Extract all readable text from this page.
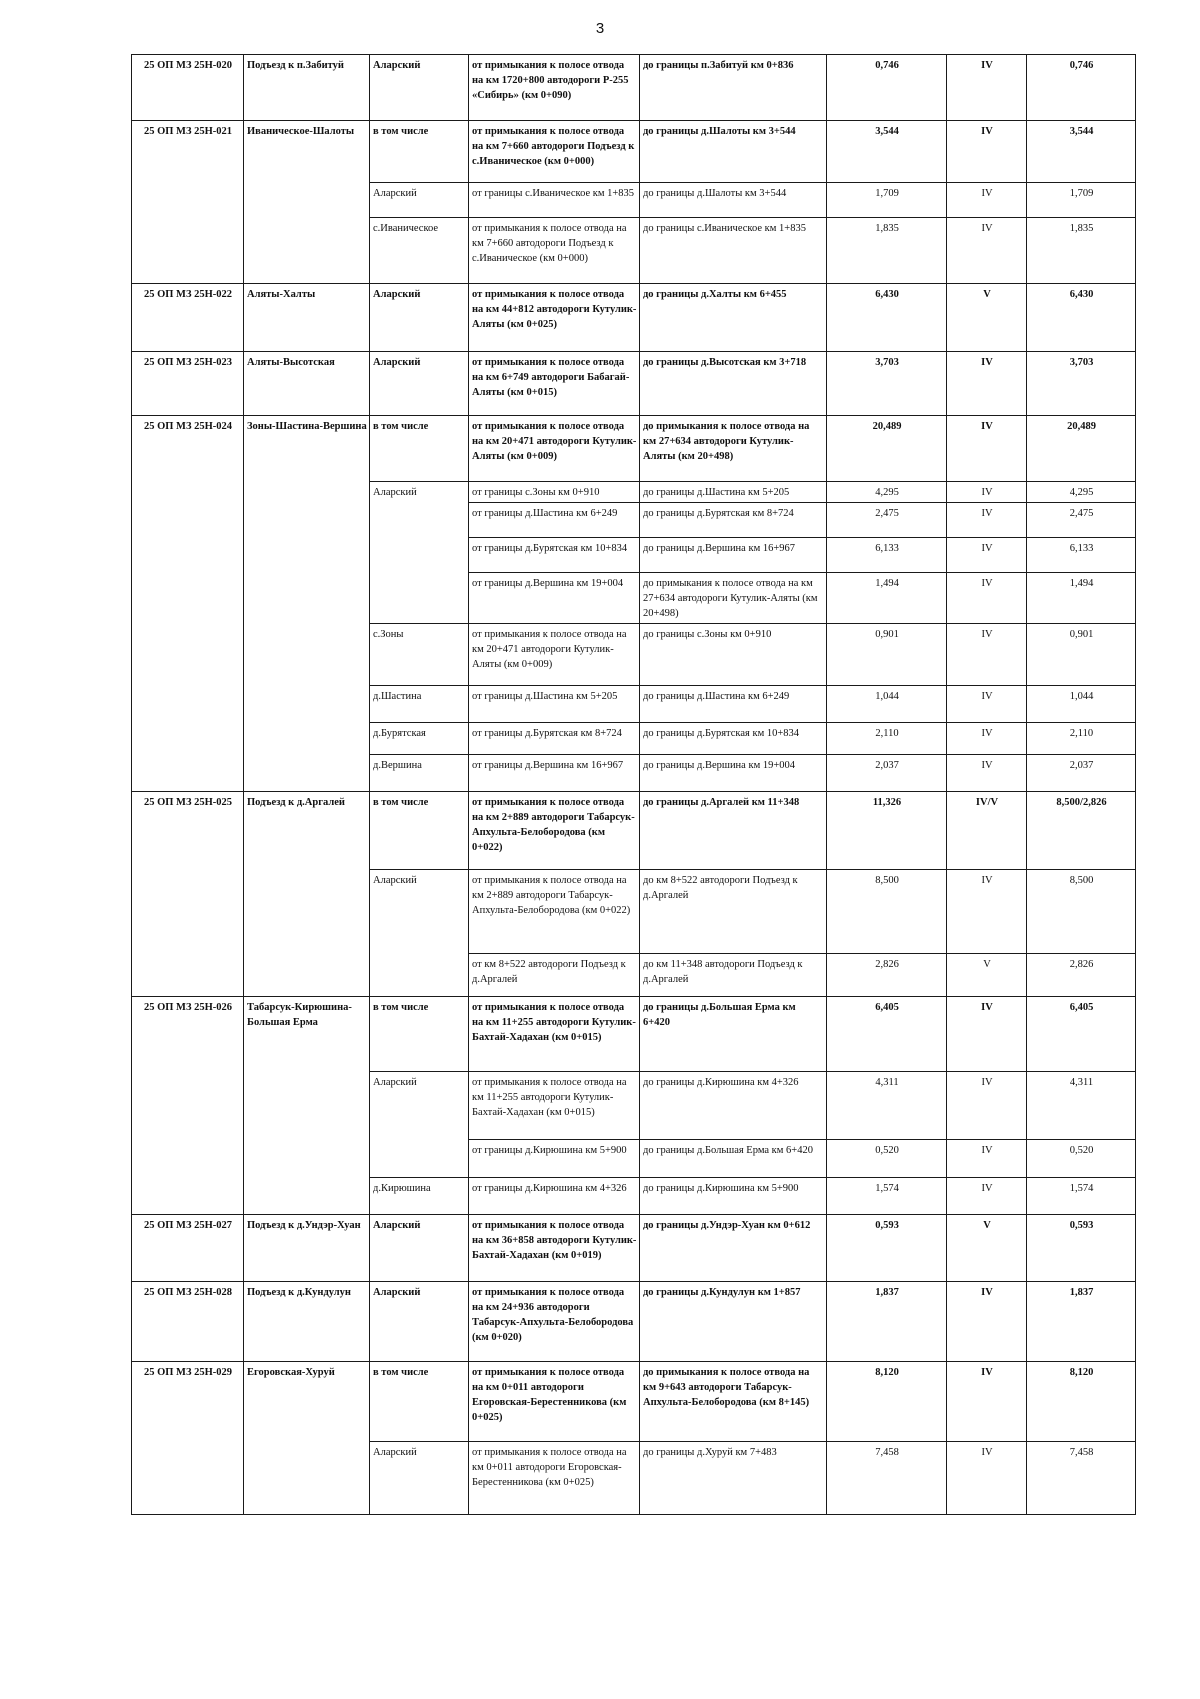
3
25 ОП МЗ 25Н-020	Подъезд к п.Забитуй	Аларский	от примыкания к полосе отвода на км 1720+800 автодороги Р-255 «Сибирь» (км 0+090)	до границы п.Забитуй км 0+836	0,746	IV	0,746
25 ОП МЗ 25Н-021	Иваническое-Шалоты	в том числе	от примыкания к полосе отвода на км 7+660 автодороги Подъезд к с.Иваническое (км 0+000)	до границы д.Шалоты км 3+544	3,544	IV	3,544
		Аларский	от границы с.Иваническое км 1+835	до границы д.Шалоты км 3+544	1,709	IV	1,709
		с.Иваническое	от примыкания к полосе отвода на км 7+660 автодороги Подъезд к с.Иваническое (км 0+000)	до границы с.Иваническое км 1+835	1,835	IV	1,835
25 ОП МЗ 25Н-022	Аляты-Халты	Аларский	от примыкания к полосе отвода на км 44+812 автодороги Кутулик-Аляты (км 0+025)	до границы д.Халты км 6+455	6,430	V	6,430
25 ОП МЗ 25Н-023	Аляты-Высотская	Аларский	от примыкания к полосе отвода на км 6+749 автодороги Бабагай-Аляты (км 0+015)	до границы д.Высотская км 3+718	3,703	IV	3,703
25 ОП МЗ 25Н-024	Зоны-Шастина-Вершина	в том числе	от примыкания к полосе отвода на км 20+471 автодороги Кутулик-Аляты (км 0+009)	до примыкания к полосе отвода на км 27+634 автодороги Кутулик-Аляты (км 20+498)	20,489	IV	20,489
		Аларский	от границы с.Зоны км 0+910	до границы д.Шастина км 5+205	4,295	IV	4,295
			от границы д.Шастина км 6+249	до границы д.Бурятская км 8+724	2,475	IV	2,475
			от границы д.Бурятская км 10+834	до границы д.Вершина км 16+967	6,133	IV	6,133
			от границы д.Вершина км 19+004	до примыкания к полосе отвода на км 27+634 автодороги Кутулик-Аляты (км 20+498)	1,494	IV	1,494
		с.Зоны	от примыкания к полосе отвода на км 20+471 автодороги Кутулик-Аляты (км 0+009)	до границы с.Зоны км 0+910	0,901	IV	0,901
		д.Шастина	от границы д.Шастина км 5+205	до границы д.Шастина км 6+249	1,044	IV	1,044
		д.Бурятская	от границы д.Бурятская км 8+724	до границы д.Бурятская км 10+834	2,110	IV	2,110
		д.Вершина	от границы д.Вершина км 16+967	до границы д.Вершина км 19+004	2,037	IV	2,037
25 ОП МЗ 25Н-025	Подъезд к д.Аргалей	в том числе	от примыкания к полосе отвода на км 2+889 автодороги Табарсук-Апхульта-Белобородова (км 0+022)	до границы д.Аргалей км 11+348	11,326	IV/V	8,500/2,826
		Аларский	от примыкания к полосе отвода на км 2+889 автодороги Табарсук-Апхульта-Белобородова (км 0+022)	до км 8+522 автодороги Подъезд к д.Аргалей	8,500	IV	8,500
			от км 8+522 автодороги Подъезд к д.Аргалей	до км 11+348 автодороги Подъезд к д.Аргалей	2,826	V	2,826
25 ОП МЗ 25Н-026	Табарсук-Кирюшина-Большая Ерма	в том числе	от примыкания к полосе отвода на км 11+255 автодороги Кутулик-Бахтай-Хадахан (км 0+015)	до границы д.Большая Ерма км 6+420	6,405	IV	6,405
		Аларский	от примыкания к полосе отвода на км 11+255 автодороги Кутулик-Бахтай-Хадахан (км 0+015)	до границы д.Кирюшина км 4+326	4,311	IV	4,311
			от границы д.Кирюшина км 5+900	до границы д.Большая Ерма км 6+420	0,520	IV	0,520
		д.Кирюшина	от границы д.Кирюшина км 4+326	до границы д.Кирюшина км 5+900	1,574	IV	1,574
25 ОП МЗ 25Н-027	Подъезд к д.Ундэр-Хуан	Аларский	от примыкания к полосе отвода на км 36+858 автодороги Кутулик-Бахтай-Хадахан (км 0+019)	до границы д.Ундэр-Хуан км 0+612	0,593	V	0,593
25 ОП МЗ 25Н-028	Подъезд к д.Кундулун	Аларский	от примыкания к полосе отвода на км 24+936 автодороги Табарсук-Апхульта-Белобородова (км 0+020)	до границы д.Кундулун км 1+857	1,837	IV	1,837
25 ОП МЗ 25Н-029	Егоровская-Хуруй	в том числе	от примыкания к полосе отвода на км 0+011 автодороги Егоровская-Берестенникова (км 0+025)	до примыкания к полосе отвода на км 9+643 автодороги Табарсук-Апхульта-Белобородова (км 8+145)	8,120	IV	8,120
		Аларский	от примыкания к полосе отвода на км 0+011 автодороги Егоровская-Берестенникова (км 0+025)	до границы д.Хуруй км 7+483	7,458	IV	7,458
